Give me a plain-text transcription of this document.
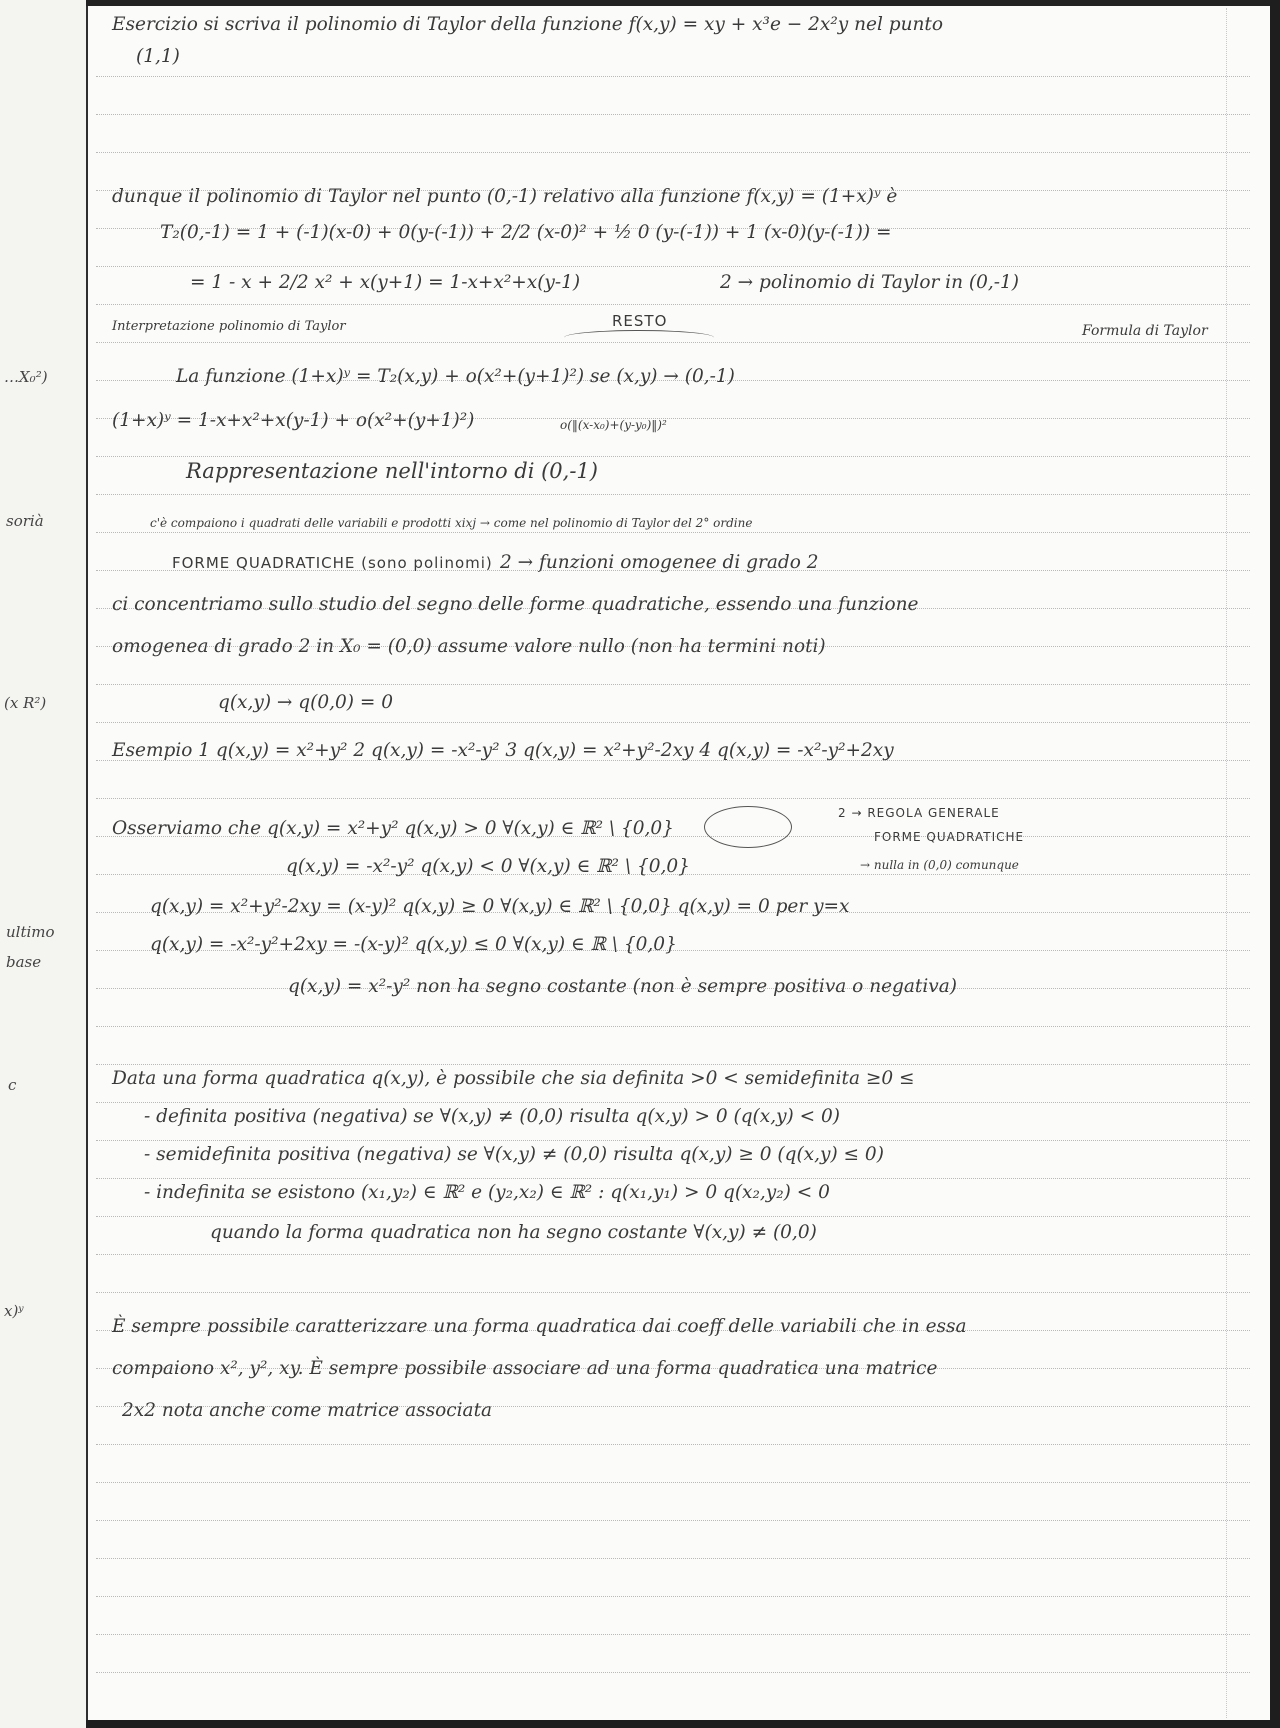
…X₀²)
sorià
(x R²)
ultimo
base
c
x)ʸ
Esercizio si scriva il polinomio di Taylor della funzione f(x,y) = xy + x³e − 2x²y nel punto
(1,1)
dunque il polinomio di Taylor nel punto (0,-1) relativo alla funzione f(x,y) = (1+x)ʸ è
T₂(0,-1) = 1 + (-1)(x-0) + 0(y-(-1)) + 2/2 (x-0)² + ½ 0 (y-(-1)) + 1 (x-0)(y-(-1)) =
= 1 - x + 2/2 x² + x(y+1) = 1-x+x²+x(y-1)	2 → polinomio di Taylor in (0,-1)
Interpretazione polinomio di Taylor	RESTO
Formula di Taylor
La funzione (1+x)ʸ = T₂(x,y) + o(x²+(y+1)²) se (x,y) → (0,-1)
(1+x)ʸ = 1-x+x²+x(y-1) + o(x²+(y+1)²)	o(‖(x-x₀)+(y-y₀)‖)²
Rappresentazione nell'intorno di (0,-1)
c'è compaiono i quadrati delle variabili e prodotti xixj → come nel polinomio di Taylor del 2° ordine
FORME QUADRATICHE (sono polinomi) 2 → funzioni omogenee di grado 2
ci concentriamo sullo studio del segno delle forme quadratiche, essendo una funzione
omogenea di grado 2 in X₀ = (0,0) assume valore nullo (non ha termini noti)
q(x,y) → q(0,0) = 0
Esempio 1 q(x,y) = x²+y² 2 q(x,y) = -x²-y² 3 q(x,y) = x²+y²-2xy 4 q(x,y) = -x²-y²+2xy
Osserviamo che q(x,y) = x²+y² q(x,y) > 0 ∀(x,y) ∈ ℝ² \ {0,0}
2 → REGOLA GENERALE
FORME QUADRATICHE
q(x,y) = -x²-y² q(x,y) < 0 ∀(x,y) ∈ ℝ² \ {0,0}	→ nulla in (0,0) comunque
q(x,y) = x²+y²-2xy = (x-y)² q(x,y) ≥ 0 ∀(x,y) ∈ ℝ² \ {0,0} q(x,y) = 0 per y=x
q(x,y) = -x²-y²+2xy = -(x-y)² q(x,y) ≤ 0 ∀(x,y) ∈ ℝ \ {0,0}
q(x,y) = x²-y² non ha segno costante (non è sempre positiva o negativa)
Data una forma quadratica q(x,y), è possibile che sia definita >0 < semidefinita ≥0 ≤
- definita positiva (negativa) se ∀(x,y) ≠ (0,0) risulta q(x,y) > 0 (q(x,y) < 0)
- semidefinita positiva (negativa) se ∀(x,y) ≠ (0,0) risulta q(x,y) ≥ 0 (q(x,y) ≤ 0)
- indefinita se esistono (x₁,y₂) ∈ ℝ² e (y₂,x₂) ∈ ℝ² : q(x₁,y₁) > 0 q(x₂,y₂) < 0
quando la forma quadratica non ha segno costante ∀(x,y) ≠ (0,0)
È sempre possibile caratterizzare una forma quadratica dai coeff delle variabili che in essa
compaiono x², y², xy. È sempre possibile associare ad una forma quadratica una matrice
2x2 nota anche come matrice associata
